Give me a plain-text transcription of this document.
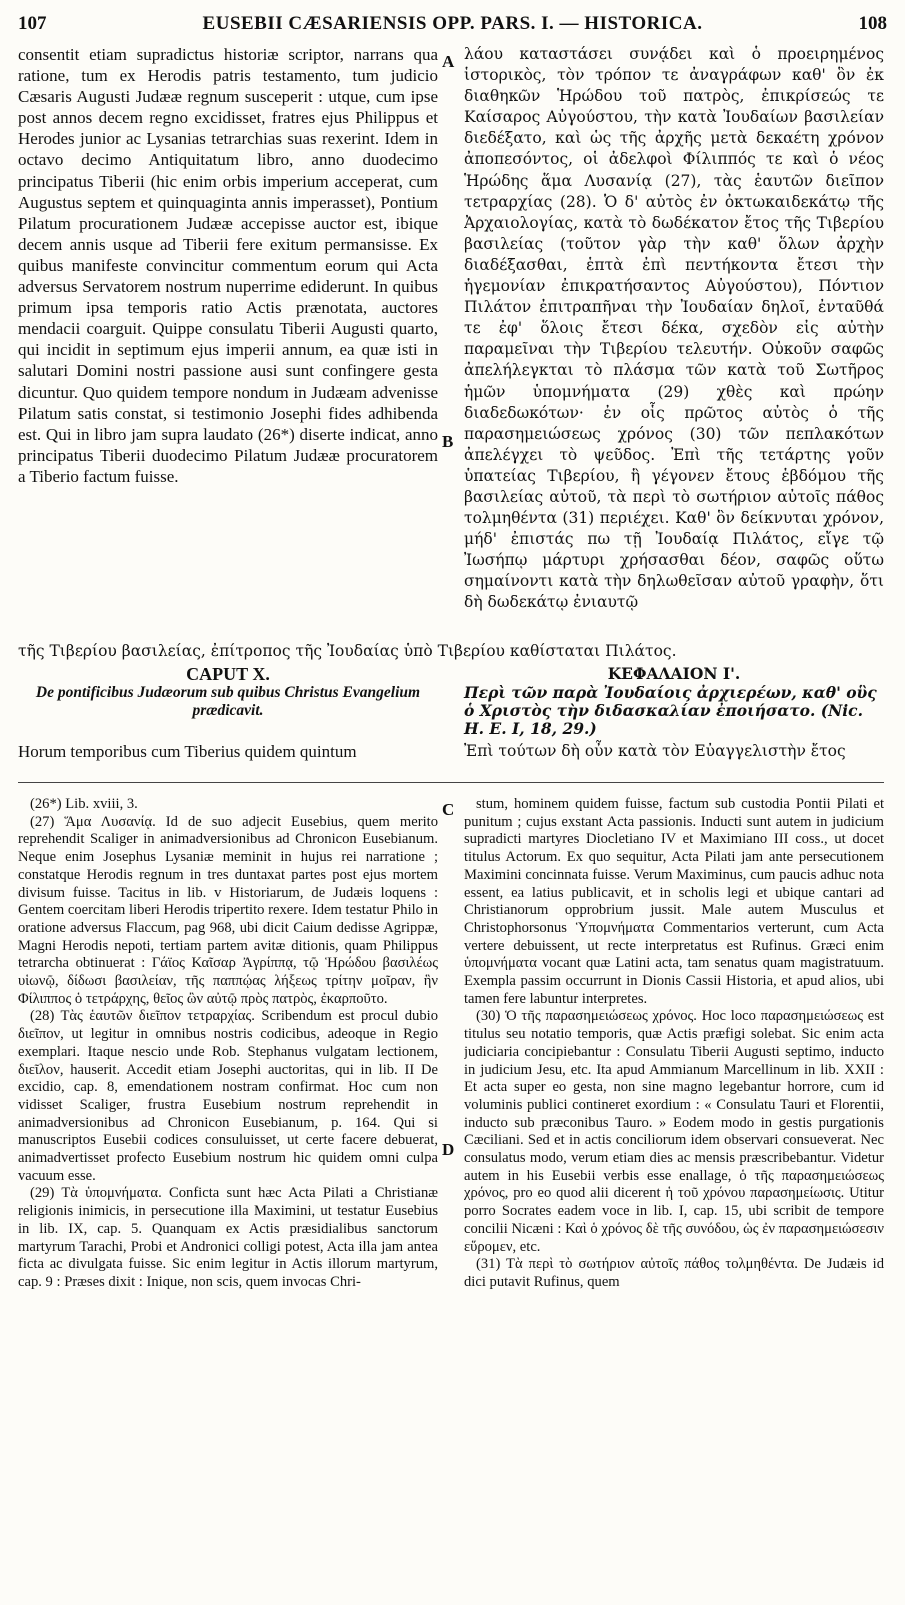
107	EUSEBII CÆSARIENSIS OPP. PARS. I. — HISTORICA.	108

consentit etiam supradictus historiæ scriptor, narrans qua ratione, tum ex Herodis patris testamento, tum judicio Cæsaris Augusti Judææ regnum susceperit : utque, cum ipse post annos decem regno excidisset, fratres ejus Philippus et Herodes junior ac Lysanias tetrarchias suas rexerint. Idem in octavo decimo Antiquitatum libro, anno duodecimo principatus Tiberii (hic enim orbis imperium acceperat, cum Augustus septem et quinquaginta annis imperasset), Pontium Pilatum procurationem Judææ accepisse auctor est, ibique decem annis usque ad Tiberii fere exitum permansisse. Ex quibus manifeste convincitur commentum eorum qui Acta adversus Servatorem nostrum nuperrime ediderunt. In quibus primum ipsa temporis ratio Actis prænotata, auctores mendacii coarguit. Quippe consulatu Tiberii Augusti quarto, qui incidit in septimum ejus imperii annum, ea quæ isti in salutari Domini nostri passione ausi sunt confingere gesta dicuntur. Quo quidem tempore nondum in Judæam advenisse Pilatum satis constat, si testimonio Josephi fides adhibenda est. Qui in libro jam supra laudato (26*) diserte indicat, anno principatus Tiberii duodecimo Pilatum Judææ procuratorem a Tiberio factum fuisse.

A
B

λάου καταστάσει συνᾴδει καὶ ὁ προειρημένος ἱστορικὸς, τὸν τρόπον τε ἀναγράφων καθ' ὃν ἐκ διαθηκῶν Ἡρώδου τοῦ πατρὸς, ἐπικρίσεώς τε Καίσαρος Αὐγούστου, τὴν κατὰ Ἰουδαίων βασιλείαν διεδέξατο, καὶ ὡς τῆς ἀρχῆς μετὰ δεκαέτη χρόνον ἀποπεσόντος, οἱ ἀδελφοὶ Φίλιππός τε καὶ ὁ νέος Ἡρώδης ἅμα Λυσανίᾳ (27), τὰς ἑαυτῶν διεῖπον τετραρχίας (28). Ὁ δ' αὐτὸς ἐν ὀκτωκαιδεκάτῳ τῆς Ἀρχαιολογίας, κατὰ τὸ δωδέκατον ἔτος τῆς Τιβερίου βασιλείας (τοῦτον γὰρ τὴν καθ' ὅλων ἀρχὴν διαδέξασθαι, ἑπτὰ ἐπὶ πεντήκοντα ἔτεσι τὴν ἡγεμονίαν ἐπικρατήσαντος Αὐγούστου), Πόντιον Πιλάτον ἐπιτραπῆναι τὴν Ἰουδαίαν δηλοῖ, ἐνταῦθά τε ἐφ' ὅλοις ἔτεσι δέκα, σχεδὸν εἰς αὐτὴν παραμεῖναι τὴν Τιβερίου τελευτήν. Οὐκοῦν σαφῶς ἀπελήλεγκται τὸ πλάσμα τῶν κατὰ τοῦ Σωτῆρος ἡμῶν ὑπομνήματα (29) χθὲς καὶ πρώην διαδεδωκότων· ἐν οἷς πρῶτος αὐτὸς ὁ τῆς παρασημειώσεως χρόνος (30) τῶν πεπλακότων ἀπελέγχει τὸ ψεῦδος. Ἐπὶ τῆς τετάρτης γοῦν ὑπατείας Τιβερίου, ἣ γέγονεν ἔτους ἑβδόμου τῆς βασιλείας αὐτοῦ, τὰ περὶ τὸ σωτήριον αὐτοῖς πάθος τολμηθέντα (31) περιέχει. Καθ' ὃν δείκνυται χρόνον, μήδ' ἐπιστάς πω τῇ Ἰουδαίᾳ Πιλάτος, εἴγε τῷ Ἰωσήπῳ μάρτυρι χρήσασθαι δέον, σαφῶς οὕτω σημαίνοντι κατὰ τὴν δηλωθεῖσαν αὐτοῦ γραφὴν, ὅτι δὴ δωδεκάτῳ ἐνιαυτῷ

τῆς Τιβερίου βασιλείας, ἐπίτροπος τῆς Ἰουδαίας ὑπὸ Τιβερίου καθίσταται Πιλάτος.
CAPUT X.
De pontificibus Judæorum sub quibus Christus Evangelium prædicavit.
ΚΕΦΑΛΑΙΟΝ Ι'.
Περὶ τῶν παρὰ Ἰουδαίοις ἀρχιερέων, καθ' οὓς ὁ Χριστὸς τὴν διδασκαλίαν ἐποιήσατο. (Nic. H. E. I, 18, 29.)
Horum temporibus cum Tiberius quidem quintum	Ἐπὶ τούτων δὴ οὖν κατὰ τὸν Εὐαγγελιστὴν ἔτος
C
D

(26*) Lib. xviii, 3.

(27) Ἅμα Λυσανίᾳ. Id de suo adjecit Eusebius, quem merito reprehendit Scaliger in animadversionibus ad Chronicon Eusebianum. Neque enim Josephus Lysaniæ meminit in hujus rei narratione ; constatque Herodis regnum in tres duntaxat partes post ejus mortem divisum fuisse. Tacitus in lib. v Historiarum, de Judæis loquens : Gentem coercitam liberi Herodis tripertito rexere. Idem testatur Philo in oratione adversus Flaccum, pag 968, ubi dicit Caium dedisse Agrippæ, Magni Herodis nepoti, tertiam partem avitæ ditionis, quam Philippus tetrarcha obtinuerat : Γάϊος Καῖσαρ Ἀγρίππᾳ, τῷ Ἡρώδου βασιλέως υἱωνῷ, δίδωσι βασιλείαν, τῆς παππῴας λήξεως τρίτην μοῖραν, ἣν Φίλιππος ὁ τετράρχης, θεῖος ὢν αὐτῷ πρὸς πατρὸς, ἐκαρποῦτο.

(28) Τὰς ἑαυτῶν διεῖπον τετραρχίας. Scribendum est procul dubio διεῖπον, ut legitur in omnibus nostris codicibus, adeoque in Regio exemplari. Itaque nescio unde Rob. Stephanus vulgatam lectionem, διεῖλον, hauserit. Accedit etiam Josephi auctoritas, qui in lib. II De excidio, cap. 8, emendationem nostram confirmat. Hoc cum non vidisset Scaliger, frustra Eusebium nostrum reprehendit in animadversionibus ad Chronicon Eusebianum, p. 164. Qui si manuscriptos Eusebii codices consuluisset, ut certe facere debuerat, animadvertisset profecto Eusebium nostrum hic quidem omni culpa vacuum esse.

(29) Τὰ ὑπομνήματα. Conficta sunt hæc Acta Pilati a Christianæ religionis inimicis, in persecutione illa Maximini, ut testatur Eusebius in lib. IX, cap. 5. Quanquam ex Actis præsidialibus sanctorum martyrum Tarachi, Probi et Andronici colligi potest, Acta illa jam antea ficta ac divulgata fuisse. Sic enim legitur in Actis illorum martyrum, cap. 9 : Præses dixit : Inique, non scis, quem invocas Chri-

stum, hominem quidem fuisse, factum sub custodia Pontii Pilati et punitum ; cujus exstant Acta passionis. Inducti sunt autem in judicium supradicti martyres Diocletiano IV et Maximiano III coss., ut docet titulus Actorum. Ex quo sequitur, Acta Pilati jam ante persecutionem Maximini concinnata fuisse. Verum Maximinus, cum paucis adhuc nota essent, ea latius publicavit, et in scholis legi et ubique cantari ad Christianorum opprobrium jussit. Male autem Musculus et Christophorsonus Ὑπομνήματα Commentarios verterunt, cum Acta vertere debuissent, ut recte interpretatus est Rufinus. Græci enim ὑπομνήματα vocant quæ Latini acta, tam senatus quam magistratuum. Exempla passim occurrunt in Dionis Cassii Historia, et apud alios, ubi tamen fere labuntur interpretes.

(30) Ὁ τῆς παρασημειώσεως χρόνος. Hoc loco παρασημειώσεως est titulus seu notatio temporis, quæ Actis præfigi solebat. Sic enim acta judiciaria concipiebantur : Consulatu Tiberii Augusti septimo, inducto in judicium Jesu, etc. Ita apud Ammianum Marcellinum in lib. XXII : Et acta super eo gesta, non sine magno legebantur horrore, cum id voluminis publici contineret exordium : « Consulatu Tauri et Florentii, inducto sub præconibus Tauro. » Eodem modo in gestis purgationis Cæciliani. Sed et in actis conciliorum idem observari consueverat. Nec consulatus modo, verum etiam dies ac mensis præscribebantur. Videtur autem in his Eusebii verbis esse enallage, ὁ τῆς παρασημειώσεως χρόνος, pro eo quod alii dicerent ἡ τοῦ χρόνου παρασημείωσις. Utitur porro Socrates eadem voce in lib. I, cap. 15, ubi scribit de tempore concilii Nicæni : Καὶ ὁ χρόνος δὲ τῆς συνόδου, ὡς ἐν παρασημειώσεσιν εὕρομεν, etc.

(31) Τὰ περὶ τὸ σωτήριον αὐτοῖς πάθος τολμηθέντα. De Judæis id dici putavit Rufinus, quem
